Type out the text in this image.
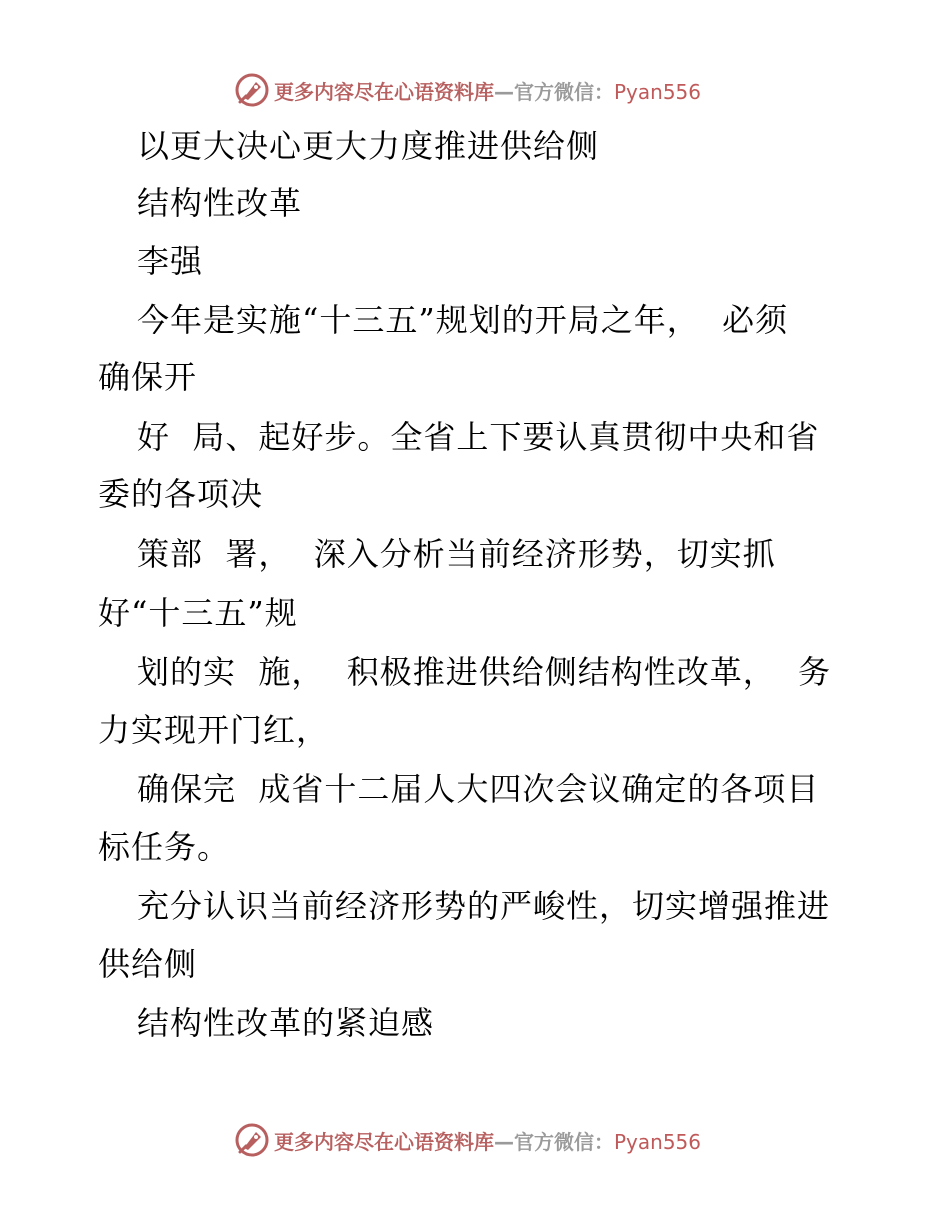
更多内容尽在心语资料库—官方微信：Pyan556
以更大决心更大力度推进供给侧
结构性改革
李强
今年是实施“十三五”规划的开局之年，  必须
确保开
好  局、起好步。全省上下要认真贯彻中央和省
委的各项决
策部  署，  深入分析当前经济形势，切实抓
好“十三五”规
划的实  施，  积极推进供给侧结构性改革，  务
力实现开门红，
确保完  成省十二届人大四次会议确定的各项目
标任务。
充分认识当前经济形势的严峻性，切实增强推进
供给侧
结构性改革的紧迫感
更多内容尽在心语资料库—官方微信：Pyan556
